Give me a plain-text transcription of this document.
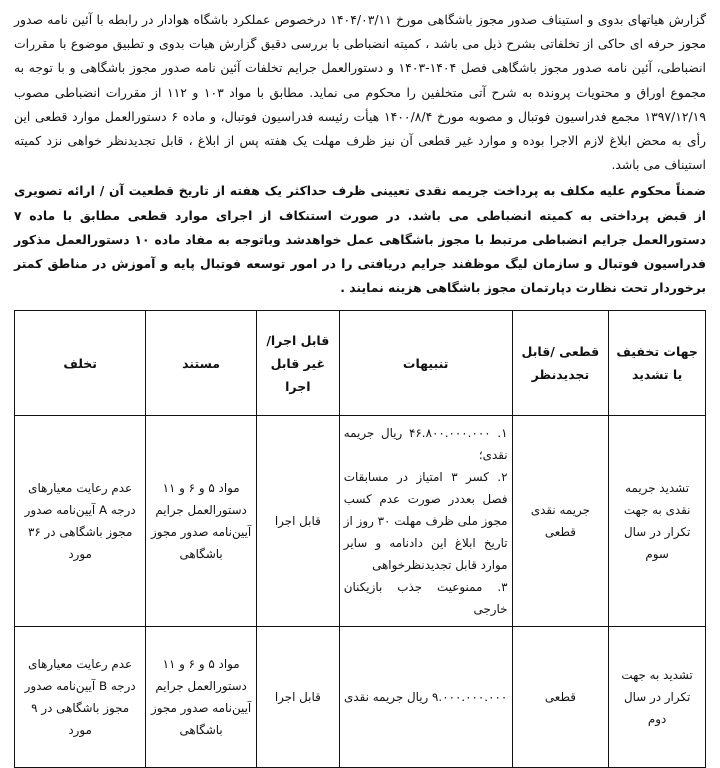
گزارش هیاتهای بدوی و استیناف صدور مجوز باشگاهی مورخ ۱۴۰۴/۰۳/۱۱ درخصوص عملکرد باشگاه هوادار در رابطه با آئین نامه صدور مجوز حرفه ای حاکی از تخلفاتی بشرح ذیل می باشد ، کمیته انضباطی با بررسی دقیق گزارش هیات بدوی و تطبیق موضوع با مقررات انضباطی، آئین نامه صدور مجوز باشگاهی فصل ۱۴۰۴-۱۴۰۳ و دستورالعمل جرایم تخلفات آئین نامه صدور مجوز باشگاهی و با توجه به مجموع اوراق و محتویات پرونده به شرح آتی متخلفین را محکوم می نماید. مطابق با مواد ۱۰۳ و ۱۱۲ از مقررات انضباطی مصوب ۱۳۹۷/۱۲/۱۹ مجمع فدراسیون فوتبال و مصوبه مورخ ۱۴۰۰/۸/۴ هیأت رئیسه فدراسیون فوتبال، و ماده ۶ دستورالعمل موارد قطعی این رأی به محض ابلاغ لازم الاجرا بوده و موارد غیر قطعی آن نیز ظرف مهلت یک هفته پس از ابلاغ ، قابل تجدیدنظر خواهی نزد کمیته استیناف می باشد.

ضمناً محکوم علیه مکلف به پرداخت جریمه نقدی تعیینی ظرف حداکثر یک هفته از تاریخ قطعیت آن / ارائه تصویری از قبض پرداختی به کمیته انضباطی می باشد. در صورت استنکاف از اجرای موارد قطعی مطابق با ماده ۷ دستورالعمل جرایم انضباطی مرتبط با مجوز باشگاهی عمل خواهدشد وباتوجه به مفاد ماده ۱۰ دستورالعمل مذکور فدراسیون فوتبال و سازمان لیگ موظفند جرایم دریافتی را در امور توسعه فوتبال پایه و آموزش در مناطق کمتر برخوردار تحت نظارت دپارتمان مجوز باشگاهی هزینه نمایند .

جهات تخفیف یا تشدید	قطعی /قابل تجدیدنظر	تنبیهات	قابل اجرا/غیر قابل اجرا	مستند	تخلف
تشدید جریمه نقدی به جهت تکرار در سال سوم	جریمه نقدی قطعی	۱. ۴۶.۸۰۰.۰۰۰.۰۰۰ ریال جریمه نقدی؛
۲. کسر ۳ امتیاز در مسابقات فصل بعددر صورت عدم کسب مجوز ملی ظرف مهلت ۳۰ روز از تاریخ ابلاغ این دادنامه و سایر موارد قابل تجدیدنظرخواهی
۳. ممنوعیت جذب بازیکنان خارجی	قابل اجرا	مواد ۵ و ۶ و ۱۱ دستورالعمل جرایم آیین‌نامه صدور مجوز باشگاهی	عدم رعایت معیارهای درجه A آیین‌نامه صدور مجوز باشگاهی در ۳۶ مورد
تشدید به جهت تکرار در سال دوم	قطعی	۹.۰۰۰.۰۰۰.۰۰۰ ریال جریمه نقدی	قابل اجرا	مواد ۵ و ۶ و ۱۱ دستورالعمل جرایم آیین‌نامه صدور مجوز باشگاهی	عدم رعایت معیارهای درجه B آیین‌نامه صدور مجوز باشگاهی در ۹ مورد
